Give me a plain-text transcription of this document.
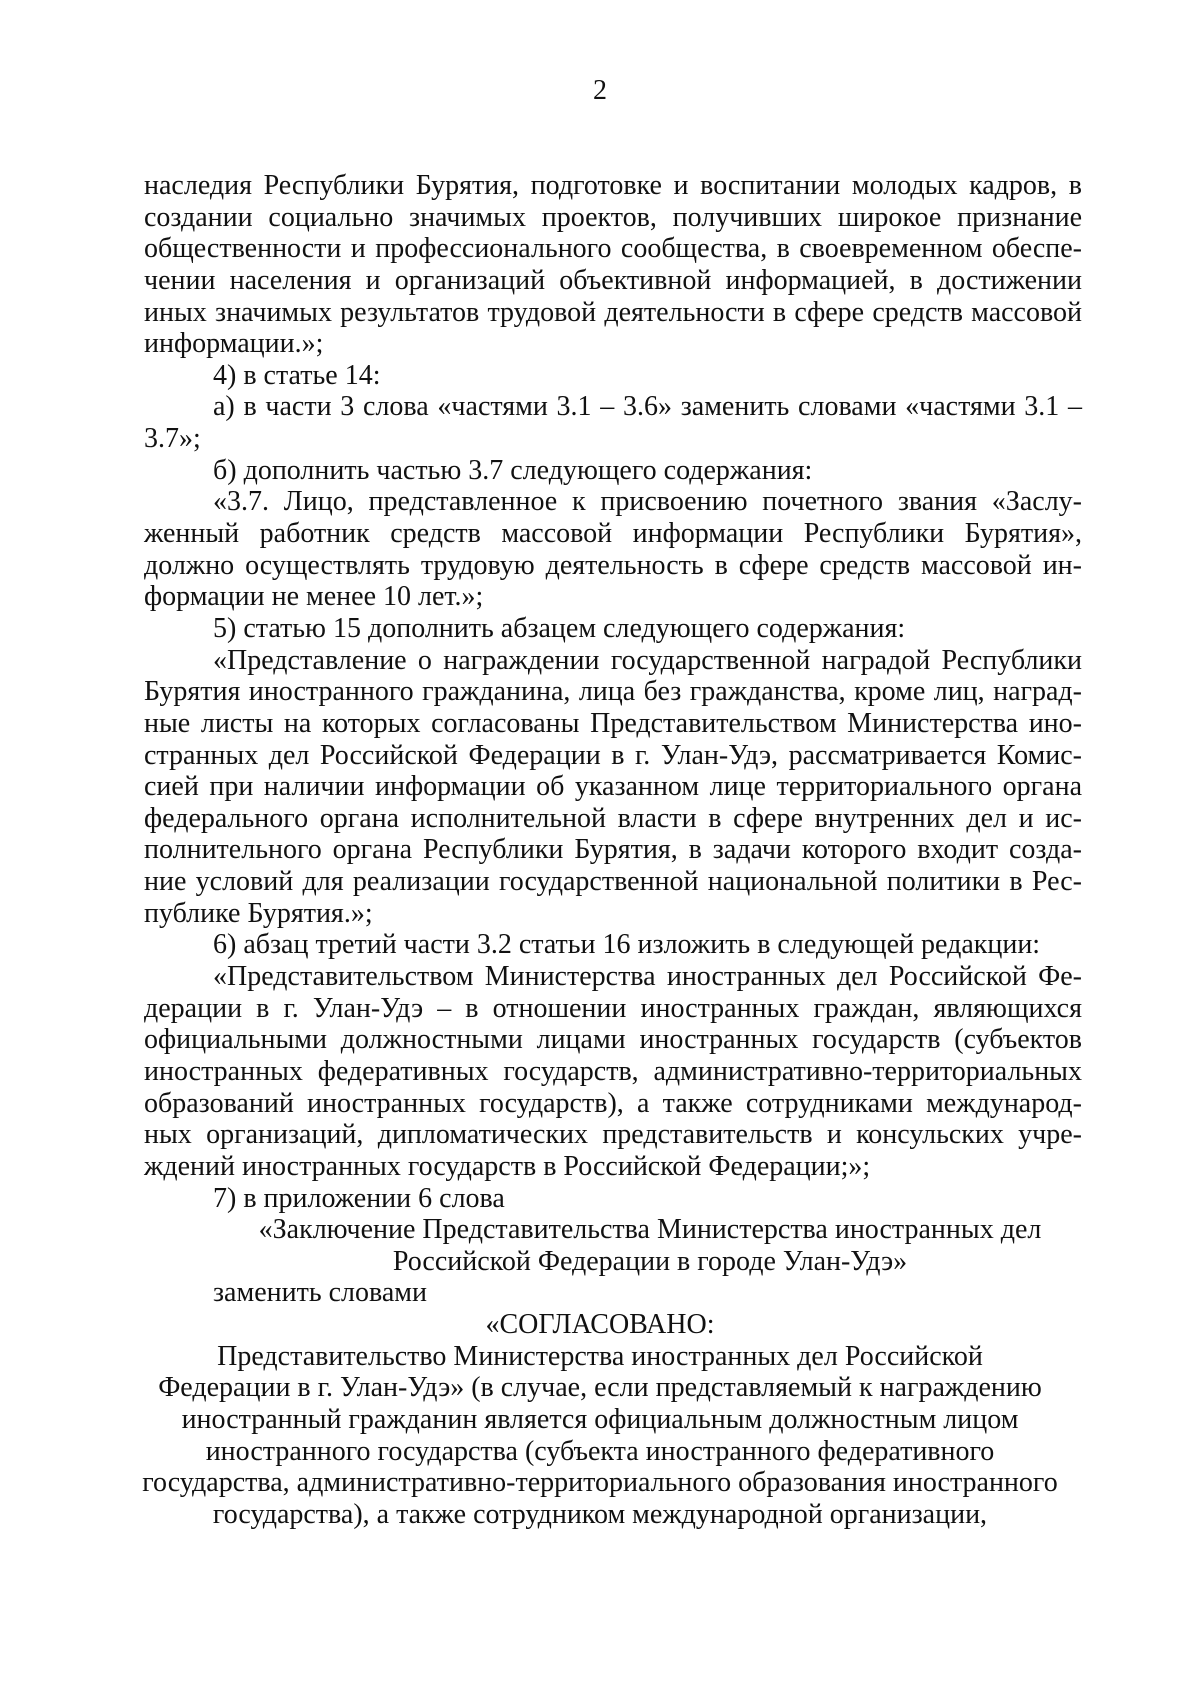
2
наследия Республики Бурятия, подготовке и воспитании молодых кадров, в
создании социально значимых проектов, получивших широкое признание
общественности и профессионального сообщества, в своевременном обеспе-
чении населения и организаций объективной информацией, в достижении
иных значимых результатов трудовой деятельности в сфере средств массовой
информации.»;
4) в статье 14:
а) в части 3 слова «частями 3.1 – 3.6» заменить словами «частями 3.1 –
3.7»;
б) дополнить частью 3.7 следующего содержания:
«3.7. Лицо, представленное к присвоению почетного звания «Заслу-
женный работник средств массовой информации Республики Бурятия»,
должно осуществлять трудовую деятельность в сфере средств массовой ин-
формации не менее 10 лет.»;
5) статью 15 дополнить абзацем следующего содержания:
«Представление о награждении государственной наградой Республики
Бурятия иностранного гражданина, лица без гражданства, кроме лиц, наград-
ные листы на которых согласованы Представительством Министерства ино-
странных дел Российской Федерации в г. Улан-Удэ, рассматривается Комис-
сией при наличии информации об указанном лице территориального органа
федерального органа исполнительной власти в сфере внутренних дел и ис-
полнительного органа Республики Бурятия, в задачи которого входит созда-
ние условий для реализации государственной национальной политики в Рес-
публике Бурятия.»;
6) абзац третий части 3.2 статьи 16 изложить в следующей редакции:
«Представительством Министерства иностранных дел Российской Фе-
дерации в г. Улан-Удэ – в отношении иностранных граждан, являющихся
официальными должностными лицами иностранных государств (субъектов
иностранных федеративных государств, административно-территориальных
образований иностранных государств), а также сотрудниками международ-
ных организаций, дипломатических представительств и консульских учре-
ждений иностранных государств в Российской Федерации;»;
7) в приложении 6 слова
«Заключение Представительства Министерства иностранных дел
Российской Федерации в городе Улан-Удэ»
заменить словами
«СОГЛАСОВАНО:
Представительство Министерства иностранных дел Российской
Федерации в г. Улан-Удэ» (в случае, если представляемый к награждению
иностранный гражданин является официальным должностным лицом
иностранного государства (субъекта иностранного федеративного
государства, административно-территориального образования иностранного
государства), а также сотрудником международной организации,
